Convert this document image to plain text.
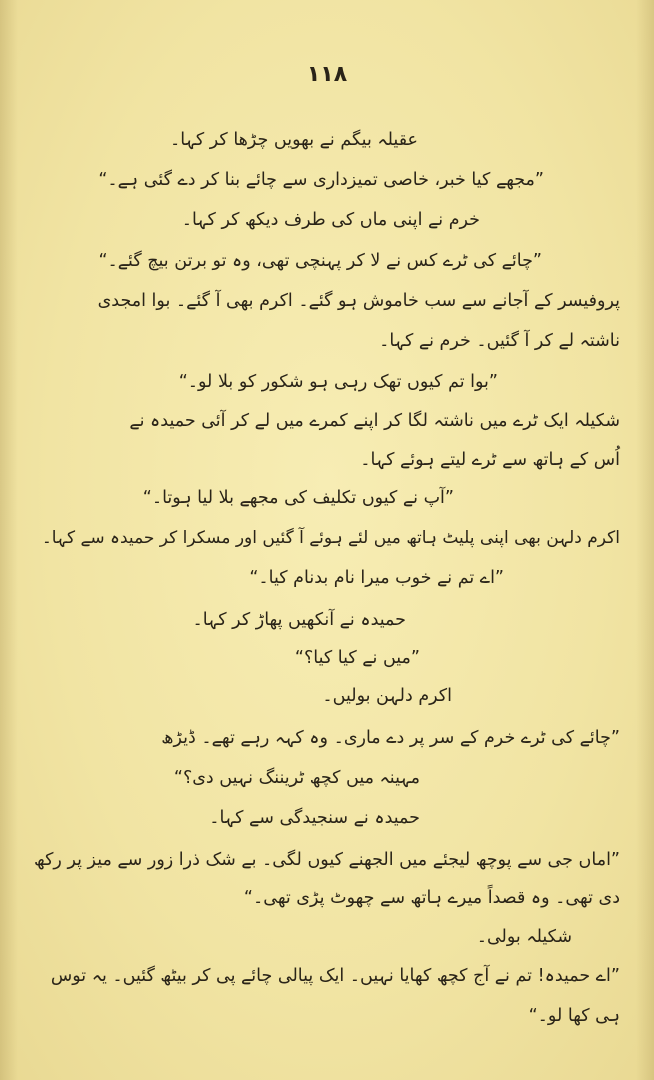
١١٨
عقیلہ بیگم نے بھویں چڑھا کر کہا۔
”مجھے کیا خبر، خاصی تمیزداری سے چائے بنا کر دے گئی ہے۔“
خرم نے اپنی ماں کی طرف دیکھ کر کہا۔
”چائے کی ٹرے کس نے لا کر پہنچی تھی، وہ تو برتن بیچ گئے۔“
پروفیسر کے آجانے سے سب خاموش ہو گئے۔ اکرم بھی آ گئے۔ بوا امجدی
ناشتہ لے کر آ گئیں۔ خرم نے کہا۔
”بوا تم کیوں تھک رہی ہو شکور کو بلا لو۔“
شکیلہ ایک ٹرے میں ناشتہ لگا کر اپنے کمرے میں لے کر آئی حمیدہ نے
اُس کے ہاتھ سے ٹرے لیتے ہوئے کہا۔
”آپ نے کیوں تکلیف کی مجھے بلا لیا ہوتا۔“
اکرم دلہن بھی اپنی پلیٹ ہاتھ میں لئے ہوئے آ گئیں اور مسکرا کر حمیدہ سے کہا۔
”اے تم نے خوب میرا نام بدنام کیا۔“
حمیدہ نے آنکھیں پھاڑ کر کہا۔
”میں نے کیا کیا؟“
اکرم دلہن بولیں۔
”چائے کی ٹرے خرم کے سر پر دے ماری۔ وہ کہہ رہے تھے۔ ڈیڑھ
مہینہ میں کچھ ٹریننگ نہیں دی؟“
حمیدہ نے سنجیدگی سے کہا۔
”اماں جی سے پوچھ لیجئے میں الجھنے کیوں لگی۔ بے شک ذرا زور سے میز پر رکھ
دی تھی۔ وہ قصداً میرے ہاتھ سے چھوٹ پڑی تھی۔“
شکیلہ بولی۔
”اے حمیدہ! تم نے آج کچھ کھایا نہیں۔ ایک پیالی چائے پی کر بیٹھ گئیں۔ یہ توس
ہی کھا لو۔“
